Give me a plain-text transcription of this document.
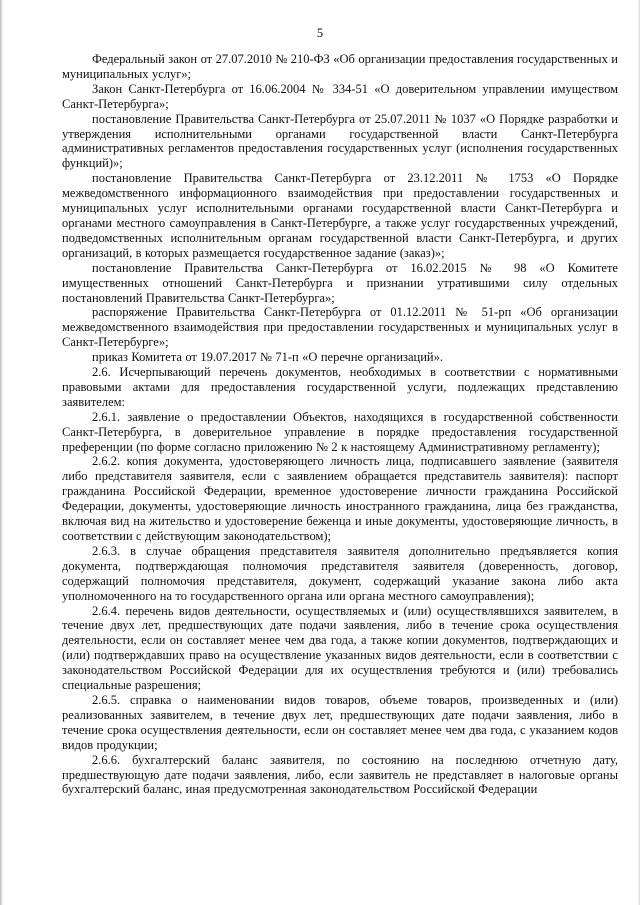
5

Федеральный закон от 27.07.2010 № 210-ФЗ «Об организации предоставления государственных и муниципальных услуг»;

Закон Санкт-Петербурга от 16.06.2004 № 334-51 «О доверительном управлении имуществом Санкт-Петербурга»;

постановление Правительства Санкт-Петербурга от 25.07.2011 № 1037 «О Порядке разработки и утверждения исполнительными органами государственной власти Санкт-Петербурга административных регламентов предоставления государственных услуг (исполнения государственных функций)»;

постановление Правительства Санкт-Петербурга от 23.12.2011 № 1753 «О Порядке межведомственного информационного взаимодействия при предоставлении государственных и муниципальных услуг исполнительными органами государственной власти Санкт-Петербурга и органами местного самоуправления в Санкт-Петербурге, а также услуг государственных учреждений, подведомственных исполнительным органам государственной власти Санкт-Петербурга, и других организаций, в которых размещается государственное задание (заказ)»;

постановление Правительства Санкт-Петербурга от 16.02.2015 № 98 «О Комитете имущественных отношений Санкт-Петербурга и признании утратившими силу отдельных постановлений Правительства Санкт-Петербурга»;

распоряжение Правительства Санкт-Петербурга от 01.12.2011 № 51-рп «Об организации межведомственного взаимодействия при предоставлении государственных и муниципальных услуг в Санкт-Петербурге»;

приказ Комитета от 19.07.2017 № 71-п «О перечне организаций».

2.6. Исчерпывающий перечень документов, необходимых в соответствии с нормативными правовыми актами для предоставления государственной услуги, подлежащих представлению заявителем:

2.6.1. заявление о предоставлении Объектов, находящихся в государственной собственности Санкт-Петербурга, в доверительное управление в порядке предоставления государственной преференции (по форме согласно приложению № 2 к настоящему Административному регламенту);

2.6.2. копия документа, удостоверяющего личность лица, подписавшего заявление (заявителя либо представителя заявителя, если с заявлением обращается представитель заявителя): паспорт гражданина Российской Федерации, временное удостоверение личности гражданина Российской Федерации, документы, удостоверяющие личность иностранного гражданина, лица без гражданства, включая вид на жительство и удостоверение беженца и иные документы, удостоверяющие личность, в соответствии с действующим законодательством);

2.6.3. в случае обращения представителя заявителя дополнительно предъявляется копия документа, подтверждающая полномочия представителя заявителя (доверенность, договор, содержащий полномочия представителя, документ, содержащий указание закона либо акта уполномоченного на то государственного органа или органа местного самоуправления);

2.6.4. перечень видов деятельности, осуществляемых и (или) осуществлявшихся заявителем, в течение двух лет, предшествующих дате подачи заявления, либо в течение срока осуществления деятельности, если он составляет менее чем два года, а также копии документов, подтверждающих и (или) подтверждавших право на осуществление указанных видов деятельности, если в соответствии с законодательством Российской Федерации для их осуществления требуются и (или) требовались специальные разрешения;

2.6.5. справка о наименовании видов товаров, объеме товаров, произведенных и (или) реализованных заявителем, в течение двух лет, предшествующих дате подачи заявления, либо в течение срока осуществления деятельности, если он составляет менее чем два года, с указанием кодов видов продукции;

2.6.6. бухгалтерский баланс заявителя, по состоянию на последнюю отчетную дату, предшествующую дате подачи заявления, либо, если заявитель не представляет в налоговые органы бухгалтерский баланс, иная предусмотренная законодательством Российской Федерации
